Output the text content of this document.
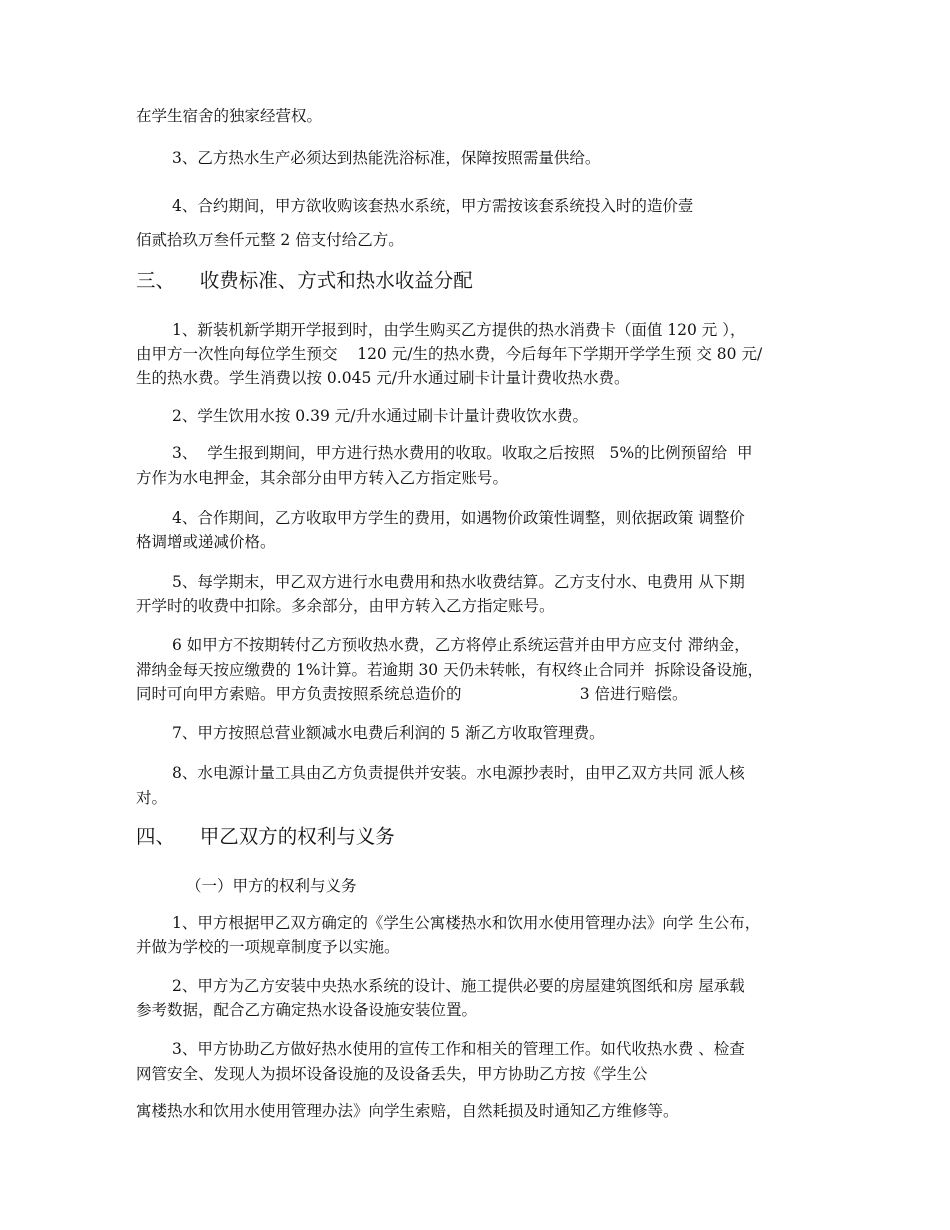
在学生宿舍的独家经营权。
3、乙方热水生产必须达到热能洗浴标准，保障按照需量供给。
4、合约期间，甲方欲收购该套热水系统，甲方需按该套系统投入时的造价壹
佰贰拾玖万叁仟元整 2 倍支付给乙方。
三、    收费标准、方式和热水收益分配
1、新装机新学期开学报到时，由学生购买乙方提供的热水消费卡（面值 120 元 ），
由甲方一次性向每位学生预交    120 元/生的热水费，今后每年下学期开学学生预 交 80 元/
生的热水费。学生消费以按 0.045 元/升水通过刷卡计量计费收热水费。
2、学生饮用水按 0.39 元/升水通过刷卡计量计费收饮水费。
3、  学生报到期间，甲方进行热水费用的收取。收取之后按照   5%的比例预留给  甲
方作为水电押金，其余部分由甲方转入乙方指定账号。
4、合作期间，乙方收取甲方学生的费用，如遇物价政策性调整，则依据政策 调整价
格调增或递减价格。
5、每学期末，甲乙双方进行水电费用和热水收费结算。乙方支付水、电费用 从下期
开学时的收费中扣除。多余部分，由甲方转入乙方指定账号。
6 如甲方不按期转付乙方预收热水费，乙方将停止系统运营并由甲方应支付 滞纳金，
滞纳金每天按应缴费的 1%计算。若逾期 30 天仍未转帐，有权终止合同并  拆除设备设施，
同时可向甲方索赔。甲方负责按照系统总造价的                        3 倍进行赔偿。
7、甲方按照总营业额减水电费后利润的 5 渐乙方收取管理费。
8、水电源计量工具由乙方负责提供并安装。水电源抄表时，由甲乙双方共同 派人核
对。
四、    甲乙双方的权利与义务
（一）甲方的权利与义务
1、甲方根据甲乙双方确定的《学生公寓楼热水和饮用水使用管理办法》向学 生公布，
并做为学校的一项规章制度予以实施。
2、甲方为乙方安装中央热水系统的设计、施工提供必要的房屋建筑图纸和房 屋承载
参考数据，配合乙方确定热水设备设施安装位置。
3、甲方协助乙方做好热水使用的宣传工作和相关的管理工作。如代收热水费 、检查
网管安全、发现人为损坏设备设施的及设备丢失，甲方协助乙方按《学生公
寓楼热水和饮用水使用管理办法》向学生索赔，自然耗损及时通知乙方维修等。
